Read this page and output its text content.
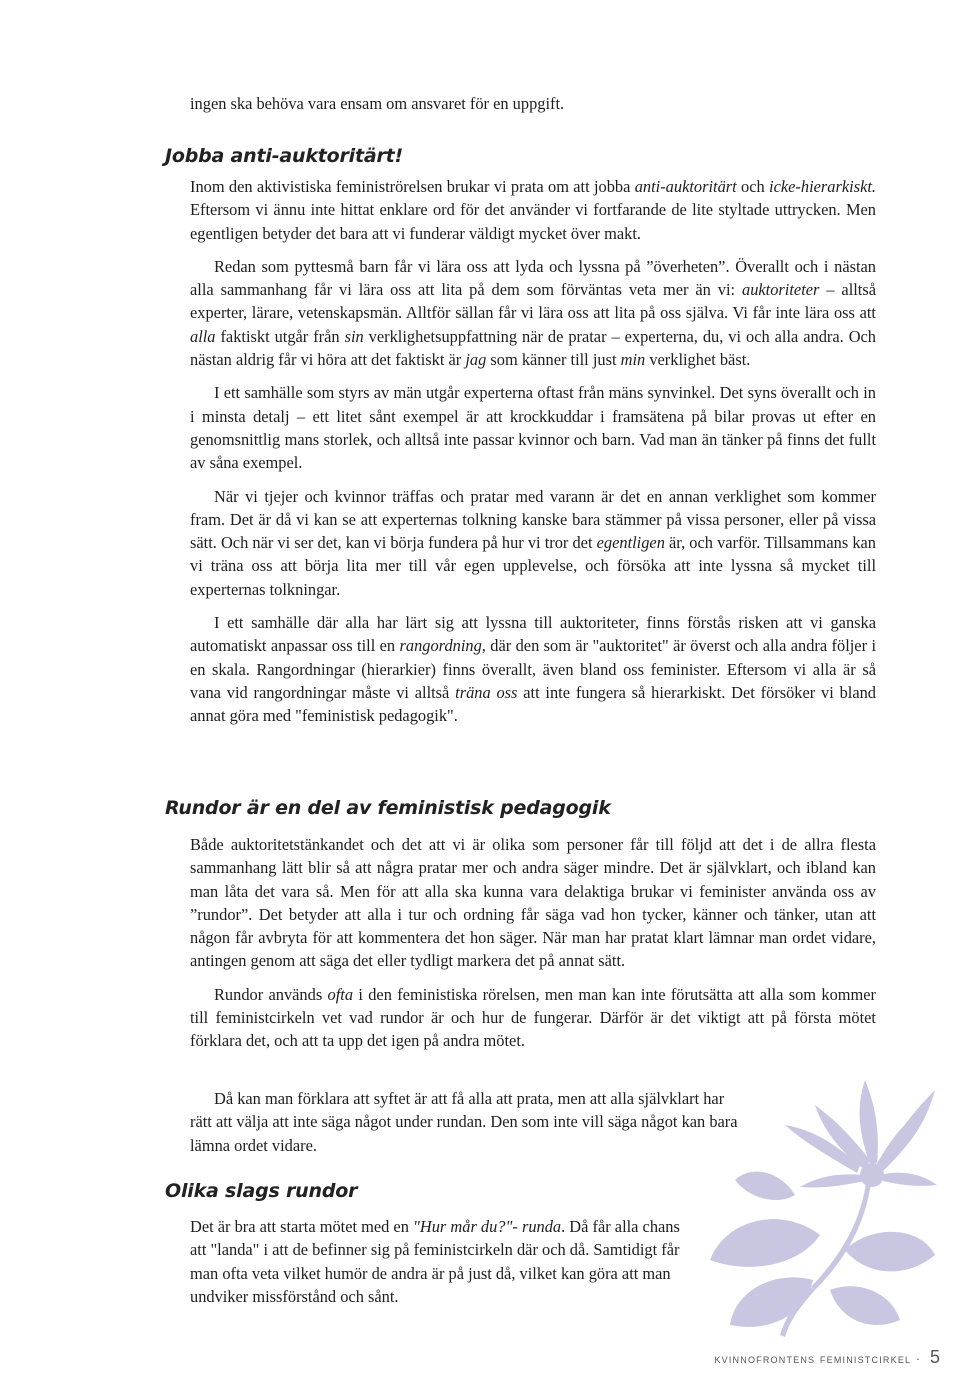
ingen ska behöva vara ensam om ansvaret för en uppgift.

Jobba anti-auktoritärt!

Inom den aktivistiska feministrörelsen brukar vi prata om att jobba anti-auktoritärt och icke-hierarkiskt. Eftersom vi ännu inte hittat enklare ord för det använder vi fortfarande de lite styltade uttrycken. Men egentligen betyder det bara att vi funderar väldigt mycket över makt.

Redan som pyttesmå barn får vi lära oss att lyda och lyssna på ”överheten”. Överallt och i nästan alla sammanhang får vi lära oss att lita på dem som förväntas veta mer än vi: auktoriteter – alltså experter, lärare, vetenskapsmän. Alltför sällan får vi lära oss att lita på oss själva. Vi får inte lära oss att alla faktiskt utgår från sin verklighetsuppfattning när de pratar – experterna, du, vi och alla andra. Och nästan aldrig får vi höra att det faktiskt är jag som känner till just min verklighet bäst.

I ett samhälle som styrs av män utgår experterna oftast från mäns synvinkel. Det syns överallt och in i minsta detalj – ett litet sånt exempel är att krockkuddar i framsätena på bilar provas ut efter en genomsnittlig mans storlek, och alltså inte passar kvinnor och barn. Vad man än tänker på finns det fullt av såna exempel.

När vi tjejer och kvinnor träffas och pratar med varann är det en annan verklighet som kommer fram. Det är då vi kan se att experternas tolkning kanske bara stämmer på vissa personer, eller på vissa sätt. Och när vi ser det, kan vi börja fundera på hur vi tror det egentligen är, och varför. Tillsammans kan vi träna oss att börja lita mer till vår egen upplevelse, och försöka att inte lyssna så mycket till experternas tolkningar.

I ett samhälle där alla har lärt sig att lyssna till auktoriteter, finns förstås risken att vi ganska automatiskt anpassar oss till en rangordning, där den som är "auktoritet" är överst och alla andra följer i en skala. Rangordningar (hierarkier) finns överallt, även bland oss feminister. Eftersom vi alla är så vana vid rangordningar måste vi alltså träna oss att inte fungera så hierarkiskt. Det försöker vi bland annat göra med "feministisk pedagogik".

Rundor är en del av feministisk pedagogik

Både auktoritetstänkandet och det att vi är olika som personer får till följd att det i de allra flesta sammanhang lätt blir så att några pratar mer och andra säger mindre. Det är självklart, och ibland kan man låta det vara så. Men för att alla ska kunna vara delaktiga brukar vi feminister använda oss av ”rundor”. Det betyder att alla i tur och ordning får säga vad hon tycker, känner och tänker, utan att någon får avbryta för att kommentera det hon säger. När man har pratat klart lämnar man ordet vidare, antingen genom att säga det eller tydligt markera det på annat sätt.

Rundor används ofta i den feministiska rörelsen, men man kan inte förutsätta att alla som kommer till feministcirkeln vet vad rundor är och hur de fungerar. Därför är det viktigt att på första mötet förklara det, och att ta upp det igen på andra mötet.

Då kan man förklara att syftet är att få alla att prata, men att alla självklart har rätt att välja att inte säga något under rundan. Den som inte vill säga något kan bara lämna ordet vidare.

Olika slags rundor

Det är bra att starta mötet med en "Hur mår du?"- runda. Då får alla chans att "landa" i att de befinner sig på feministcirkeln där och då. Samtidigt får man ofta veta vilket humör de andra är på just då, vilket kan göra att man undviker missförstånd och sånt.

kvinnofrontens feministcirkel · 5
